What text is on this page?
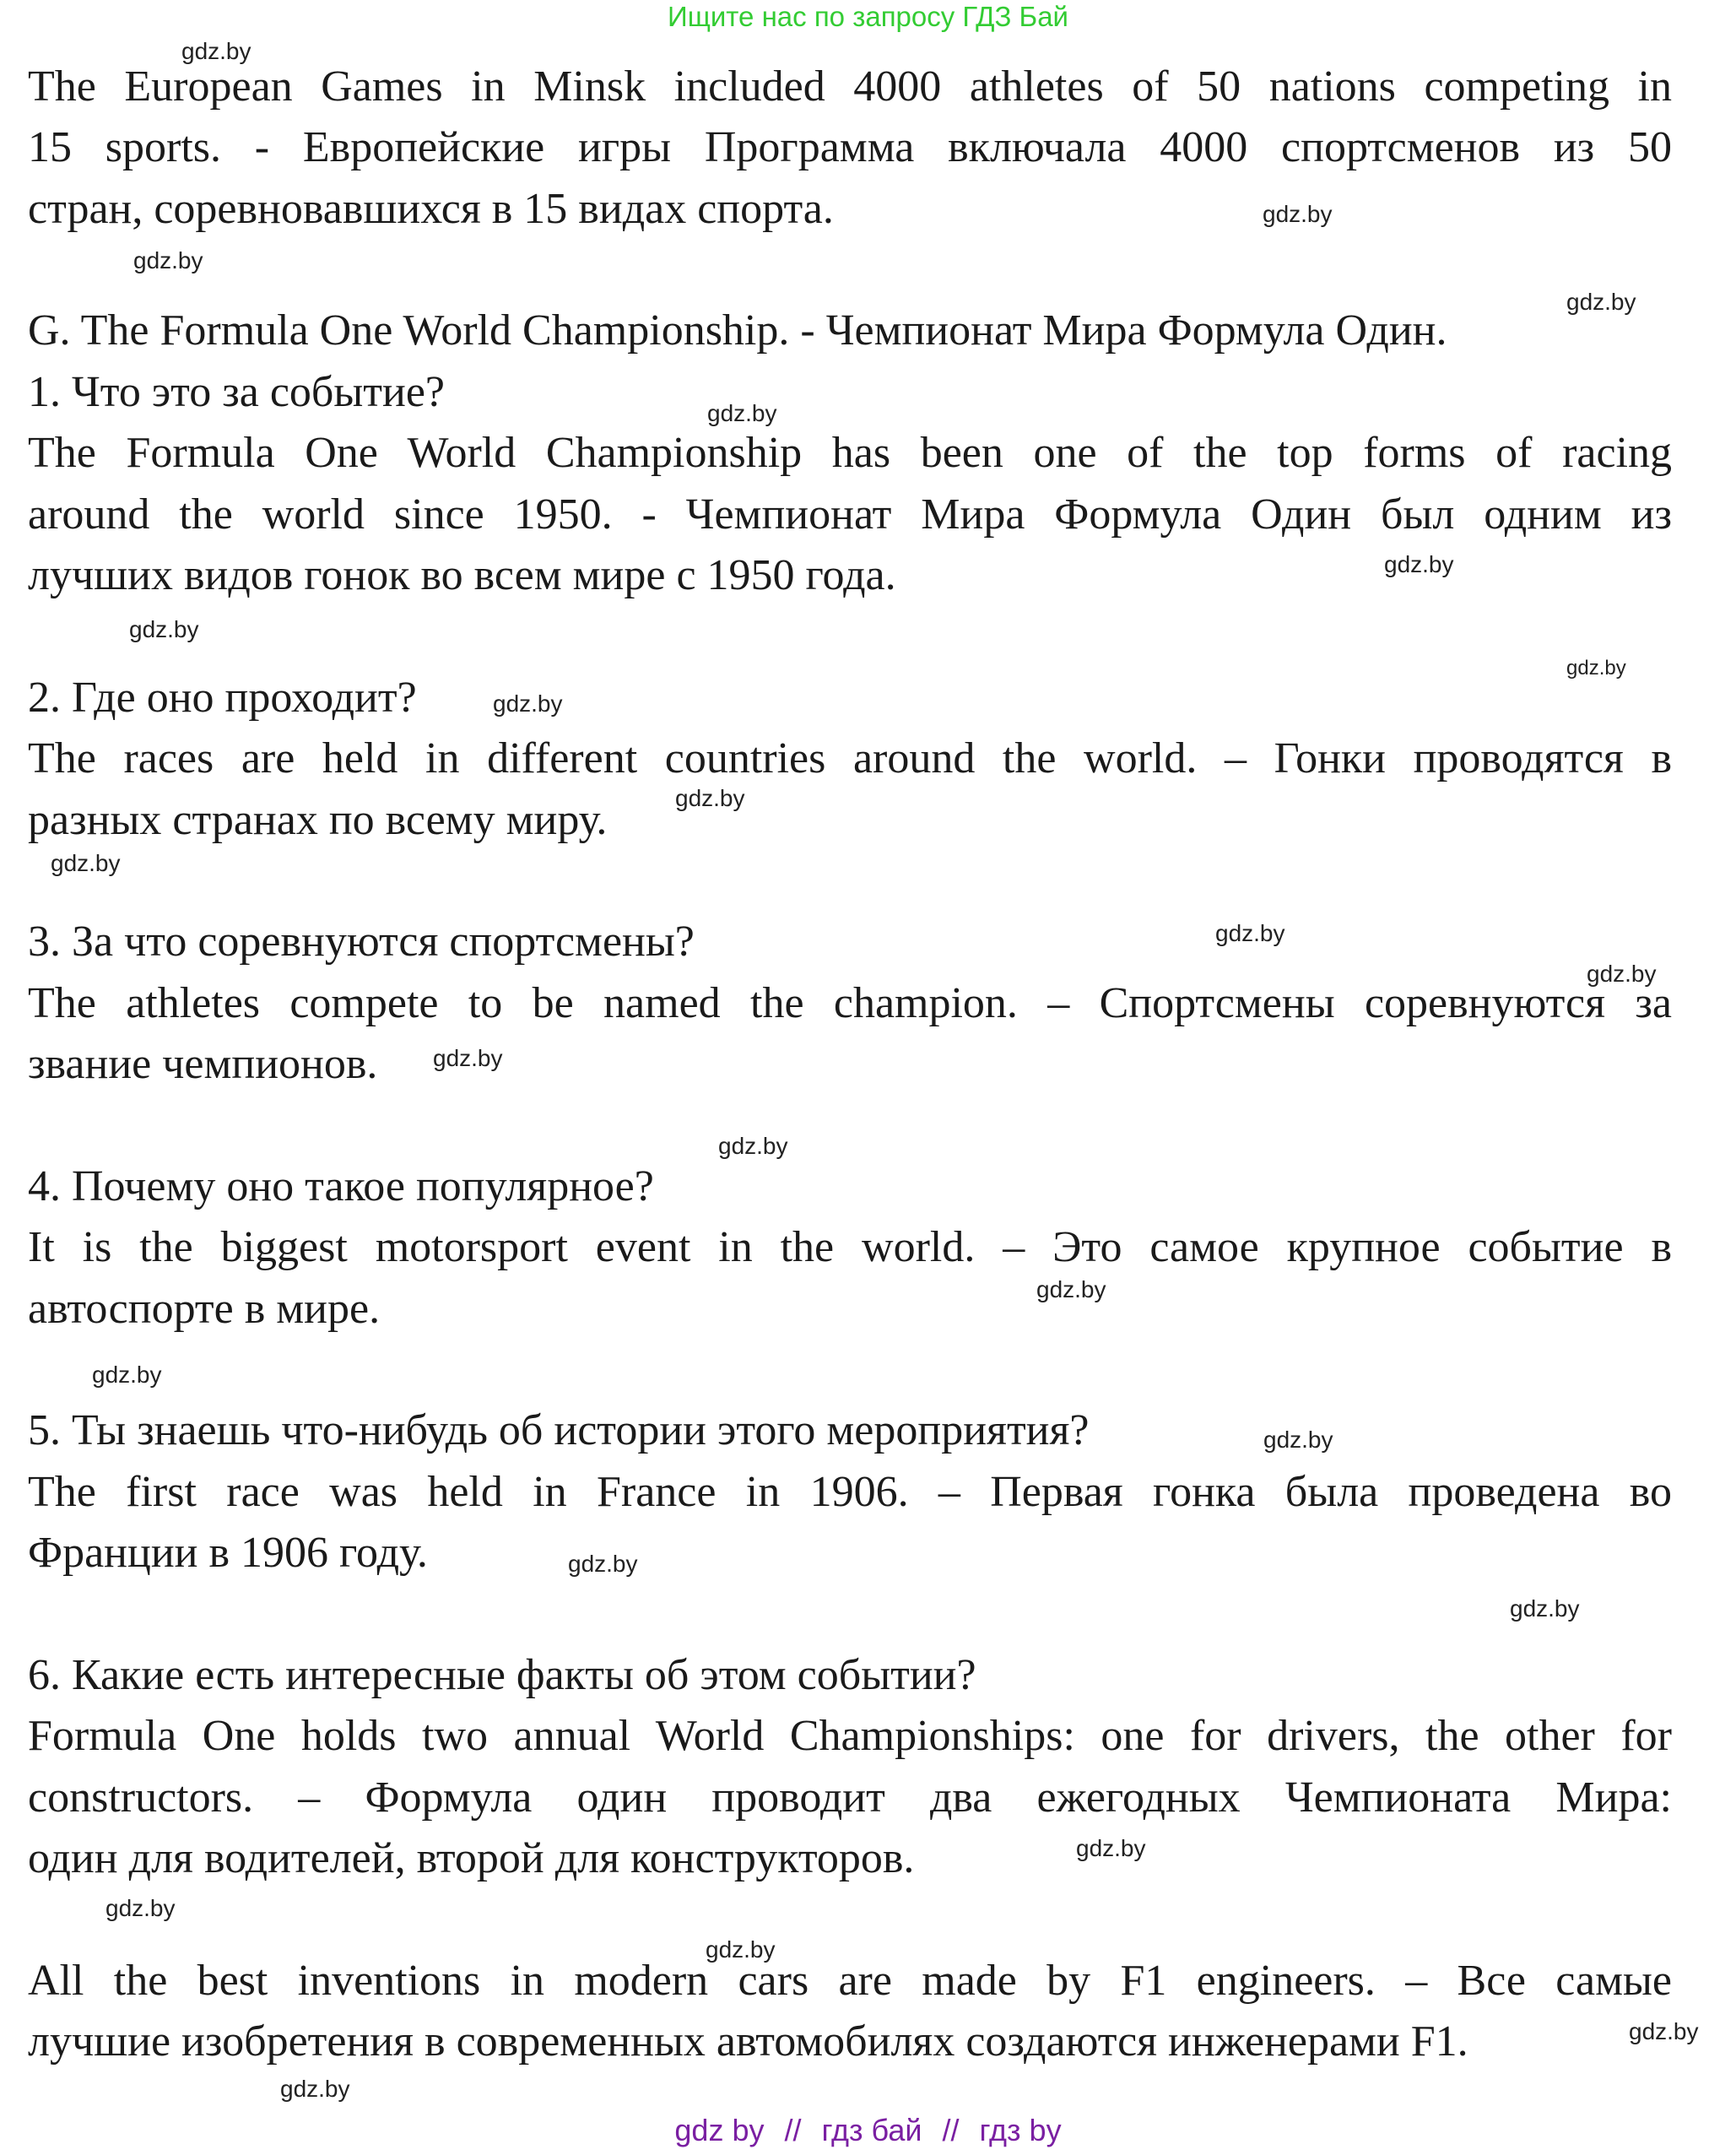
Ищите нас по запросу ГДЗ Бай
The European Games in Minsk included 4000 athletes of 50 nations competing in
15 sports. - Европейские игры Программа включала 4000 спортсменов из 50
стран, соревновавшихся в 15 видах спорта.
G. The Formula One World Championship. - Чемпионат Мира Формула Один.
1. Что это за событие?
The Formula One World Championship has been one of the top forms of racing
around the world since 1950. - Чемпионат Мира Формула Один был одним из
лучших видов гонок во всем мире с 1950 года.
2. Где оно проходит?
The races are held in different countries around the world. – Гонки проводятся в
разных странах по всему миру.
3. За что соревнуются спортсмены?
The athletes compete to be named the champion. – Спортсмены соревнуются за
звание чемпионов.
4. Почему оно такое популярное?
It is the biggest motorsport event in the world. – Это самое крупное событие в
автоспорте в мире.
5. Ты знаешь что-нибудь об истории этого мероприятия?
The first race was held in France in 1906. – Первая гонка была проведена во
Франции в 1906 году.
6. Какие есть интересные факты об этом событии?
Formula One holds two annual World Championships: one for drivers, the other for
constructors. – Формула один проводит два ежегодных Чемпионата Мира:
один для водителей, второй для конструкторов.
All the best inventions in modern cars are made by F1 engineers. – Все самые
лучшие изобретения в современных автомобилях создаются инженерами F1.
gdz.by
gdz.by
gdz.by
gdz.by
gdz.by
gdz.by
gdz.by
gdz.by
gdz.by
gdz.by
gdz.by
gdz.by
gdz.by
gdz.by
gdz.by
gdz.by
gdz.by
gdz.by
gdz.by
gdz.by
gdz.by
gdz.by
gdz.by
gdz.by
gdz.by
gdz by // гдз бай // гдз by
